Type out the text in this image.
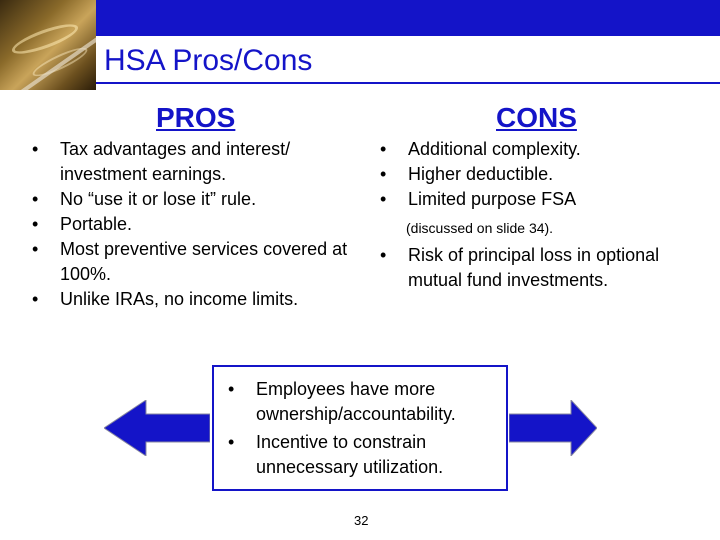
HSA Pros/Cons
PROS	CONS
• Tax advantages and interest/ investment earnings.
• No “use it or lose it” rule.
• Portable.
• Most preventive services covered at 100%.
• Unlike IRAs, no income limits.
• Additional complexity.
• Higher deductible.
• Limited purpose FSA
• Risk of principal loss in optional mutual fund investments.
(discussed on slide 34).
• Employees have more ownership/accountability.
• Incentive to constrain unnecessary utilization.
32
